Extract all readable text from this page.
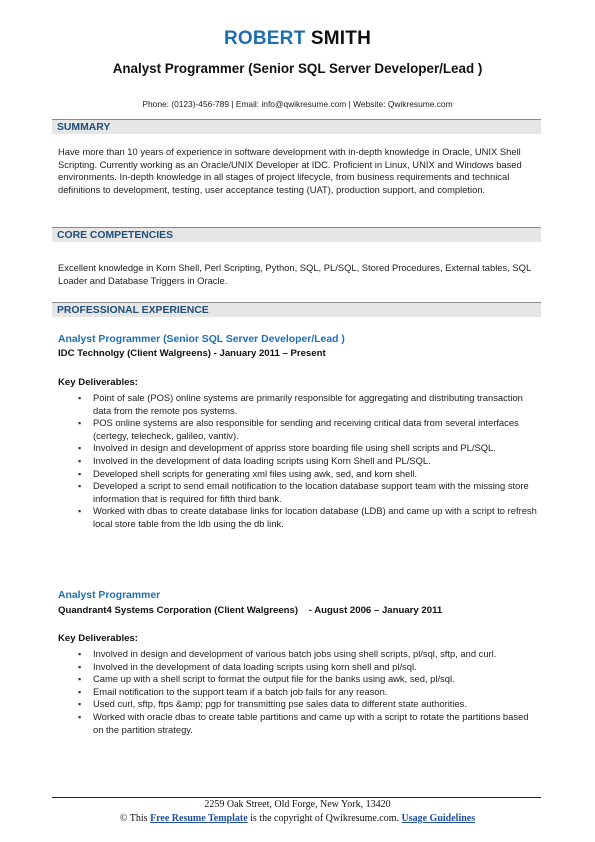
ROBERT SMITH
Analyst Programmer (Senior SQL Server Developer/Lead )
Phone: (0123)-456-789 | Email: info@qwikresume.com | Website: Qwikresume.com
SUMMARY

Have more than 10 years of experience in software development with in-depth knowledge in Oracle, UNIX Shell Scripting. Currently working as an Oracle/UNIX Developer at IDC. Proficient in Linux, UNIX and Windows based environments. In-depth knowledge in all stages of project lifecycle, from business requirements and technical definitions to development, testing, user acceptance testing (UAT), production support, and completion.

CORE COMPETENCIES

Excellent knowledge in Korn Shell, Perl Scripting, Python, SQL, PL/SQL, Stored Procedures, External tables, SQL Loader and Database Triggers in Oracle.

PROFESSIONAL EXPERIENCE
Analyst Programmer (Senior SQL Server Developer/Lead )
IDC Technolgy (Client Walgreens) - January 2011 – Present
Key Deliverables:
▪ Point of sale (POS) online systems are primarily responsible for aggregating and distributing transaction data from the remote pos systems.
▪ POS online systems are also responsible for sending and receiving critical data from several interfaces (certegy, telecheck, galileo, vantiv).
▪ Involved in design and development of appriss store boarding file using shell scripts and PL/SQL.
▪ Involved in the development of data loading scripts using Korn Shell and PL/SQL.
▪ Developed shell scripts for generating xml files using awk, sed, and korn shell.
▪ Developed a script to send email notification to the location database support team with the missing store information that is required for fifth third bank.
▪ Worked with dbas to create database links for location database (LDB) and came up with a script to refresh local store table from the ldb using the db link.
Analyst Programmer
Quandrant4 Systems Corporation (Client Walgreens)    - August 2006 – January 2011
Key Deliverables:
▪ Involved in design and development of various batch jobs using shell scripts, pl/sql, sftp, and curl.
▪ Involved in the development of data loading scripts using korn shell and pl/sql.
▪ Came up with a shell script to format the output file for the banks using awk, sed, pl/sql.
▪ Email notification to the support team if a batch job fails for any reason.
▪ Used curl, sftp, ftps &amp; pgp for transmitting pse sales data to different state authorities.
▪ Worked with oracle dbas to create table partitions and came up with a script to rotate the partitions based on the partition strategy.
2259 Oak Street, Old Forge, New York, 13420
© This Free Resume Template is the copyright of Qwikresume.com. Usage Guidelines
